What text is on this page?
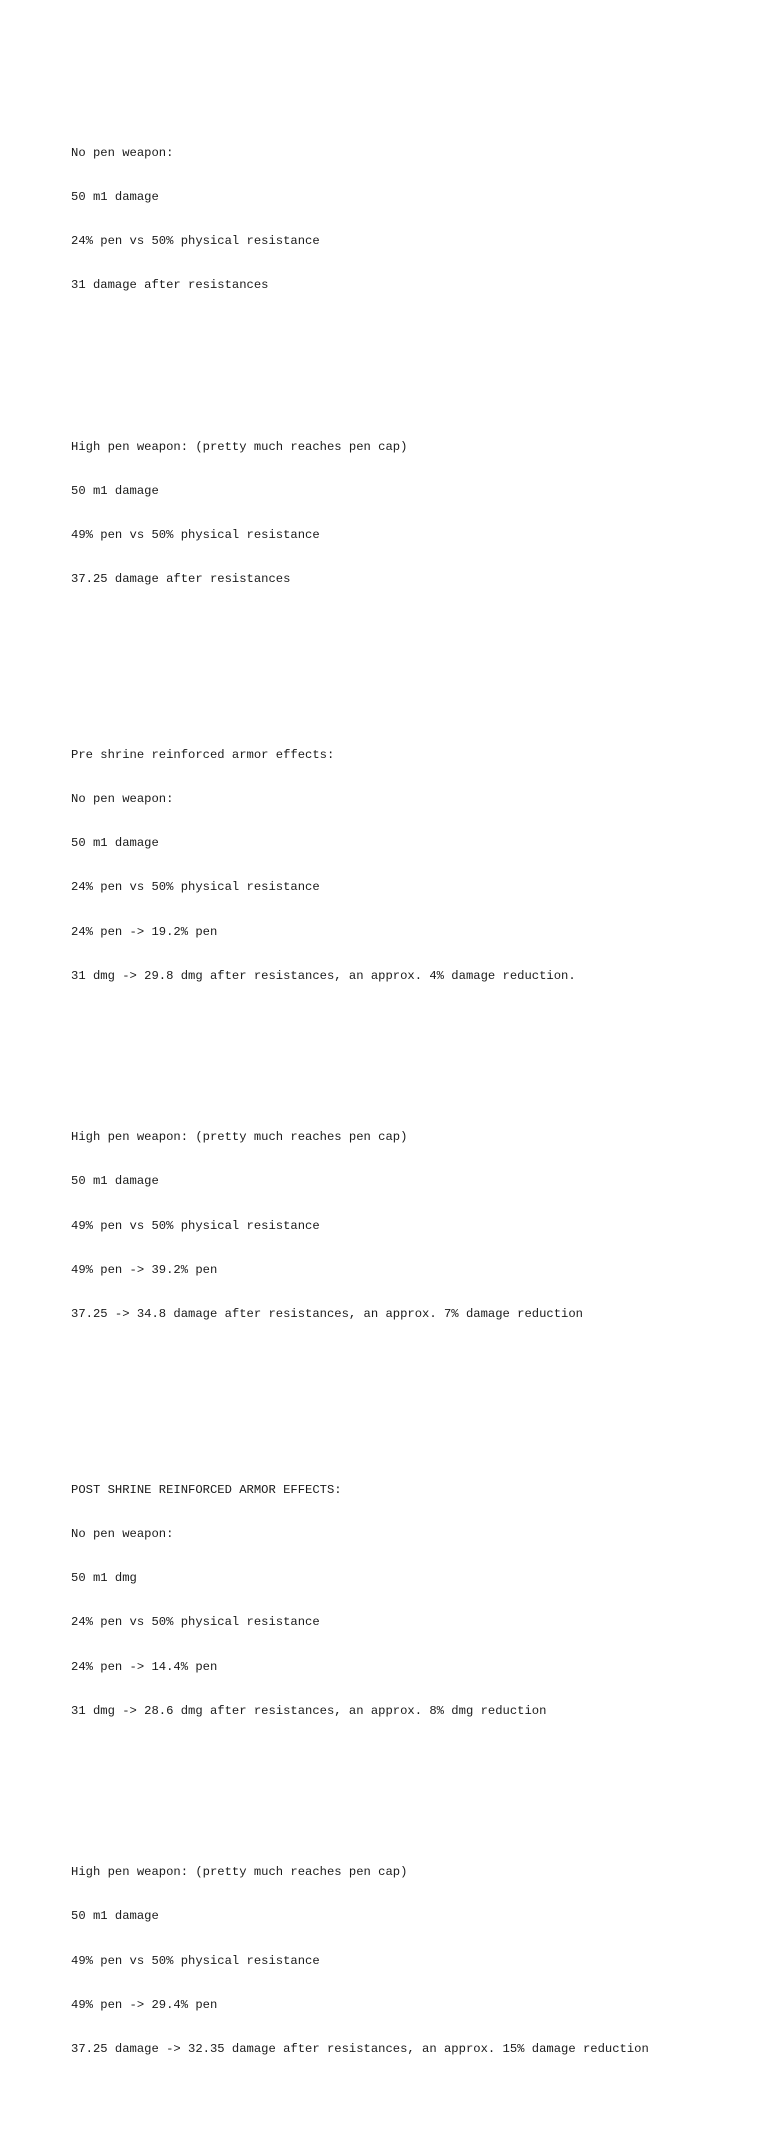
No pen weapon:

50 m1 damage

24% pen vs 50% physical resistance

31 damage after resistances

High pen weapon: (pretty much reaches pen cap)

50 m1 damage

49% pen vs 50% physical resistance

37.25 damage after resistances

Pre shrine reinforced armor effects:

No pen weapon:

50 m1 damage

24% pen vs 50% physical resistance

24% pen -> 19.2% pen

31 dmg -> 29.8 dmg after resistances, an approx. 4% damage reduction.

High pen weapon: (pretty much reaches pen cap)

50 m1 damage

49% pen vs 50% physical resistance

49% pen -> 39.2% pen

37.25 -> 34.8 damage after resistances, an approx. 7% damage reduction

POST SHRINE REINFORCED ARMOR EFFECTS:

No pen weapon:

50 m1 dmg

24% pen vs 50% physical resistance

24% pen -> 14.4% pen

31 dmg -> 28.6 dmg after resistances, an approx. 8% dmg reduction

High pen weapon: (pretty much reaches pen cap)

50 m1 damage

49% pen vs 50% physical resistance

49% pen -> 29.4% pen

37.25 damage -> 32.35 damage after resistances, an approx. 15% damage reduction
